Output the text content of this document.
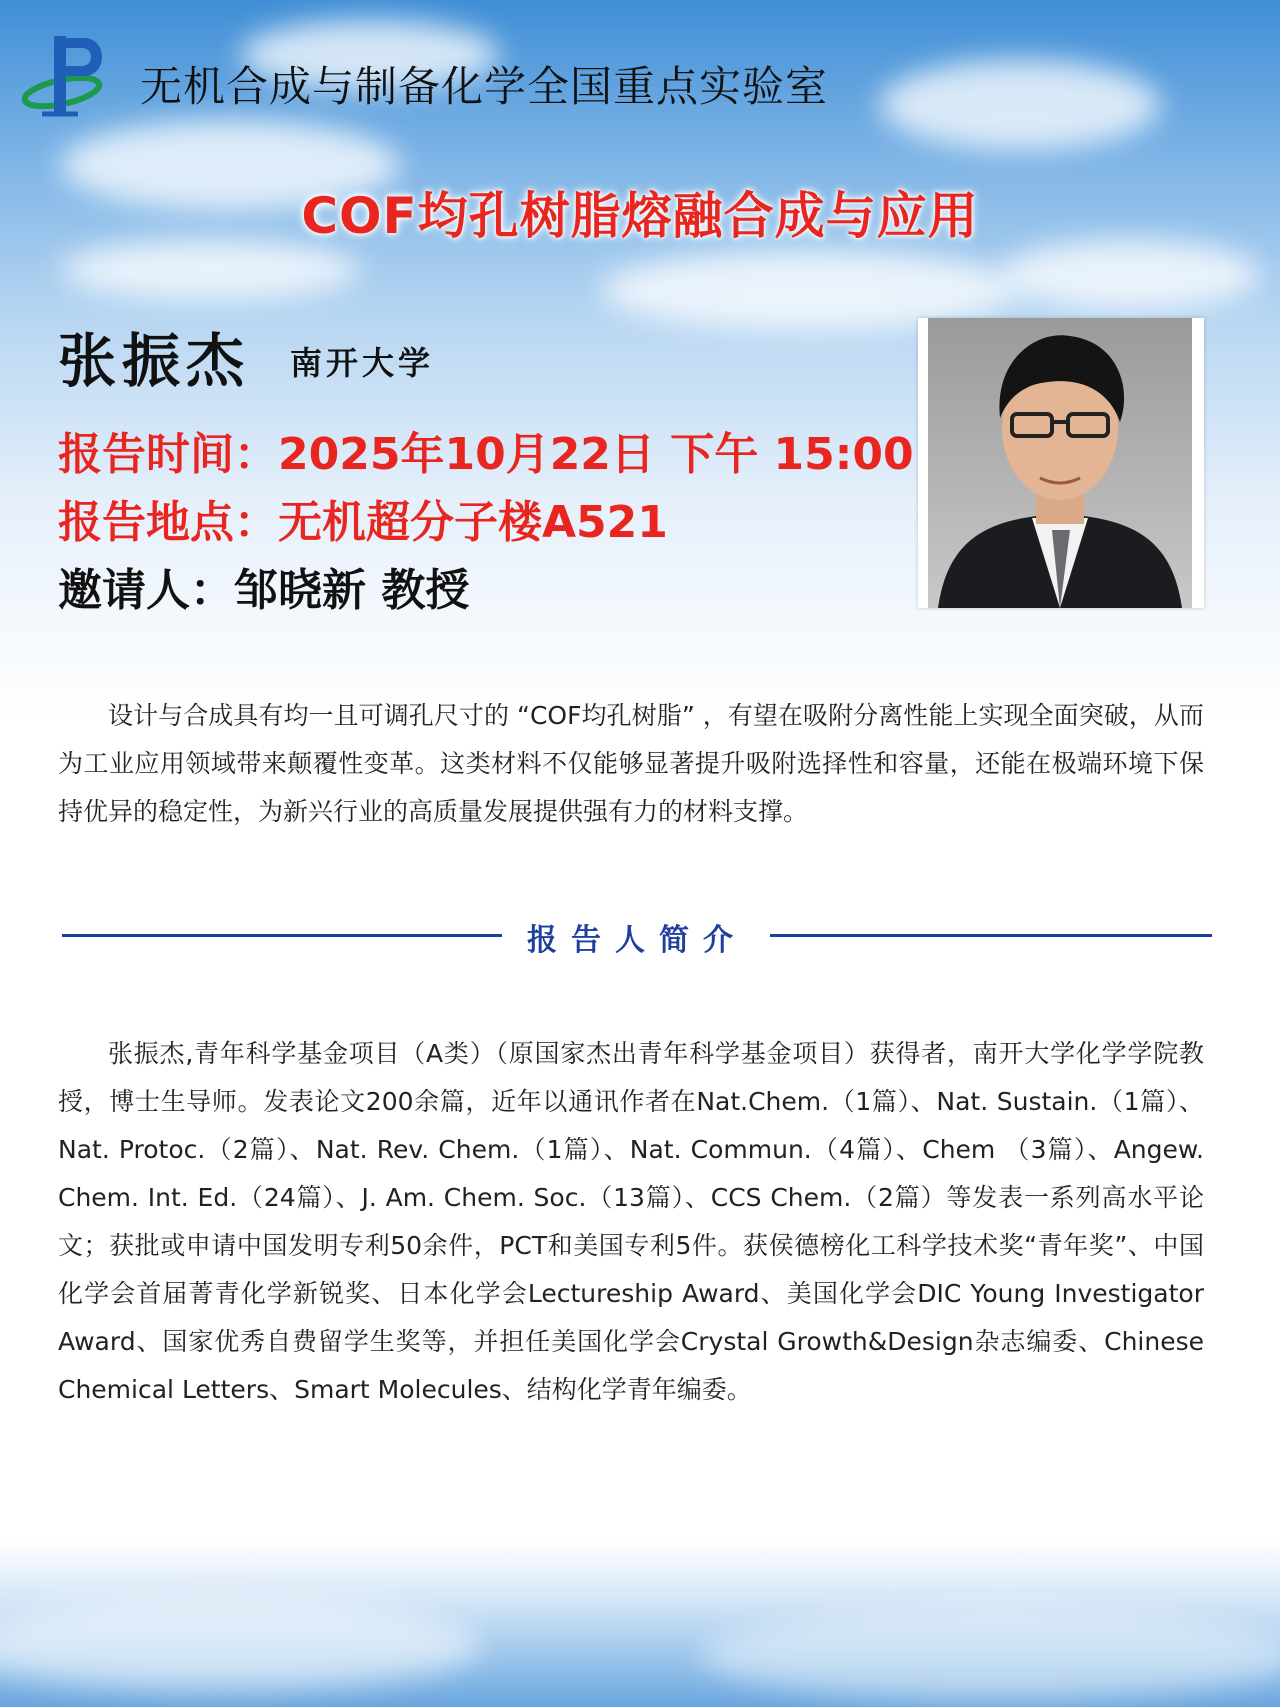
无机合成与制备化学全国重点实验室
COF均孔树脂熔融合成与应用
张振杰 南开大学
报告时间：2025年10月22日 下午 15:00
报告地点：无机超分子楼A521
邀请人：邹晓新 教授
设计与合成具有均一且可调孔尺寸的 “COF均孔树脂” ，有望在吸附分离性能上实现全面突破，从而为工业应用领域带来颠覆性变革。这类材料不仅能够显著提升吸附选择性和容量，还能在极端环境下保持优异的稳定性，为新兴行业的高质量发展提供强有力的材料支撑。
报告人简介
张振杰,青年科学基金项目（A类）（原国家杰出青年科学基金项目）获得者，南开大学化学学院教授，博士生导师。发表论文200余篇，近年以通讯作者在Nat.Chem.（1篇）、Nat. Sustain.（1篇）、Nat. Protoc.（2篇）、Nat. Rev. Chem.（1篇）、Nat. Commun.（4篇）、Chem （3篇）、Angew. Chem. Int. Ed.（24篇）、J. Am. Chem. Soc.（13篇）、CCS Chem.（2篇）等发表一系列高水平论文；获批或申请中国发明专利50余件，PCT和美国专利5件。获侯德榜化工科学技术奖“青年奖”、中国化学会首届菁青化学新锐奖、日本化学会Lectureship Award、美国化学会DIC Young Investigator Award、国家优秀自费留学生奖等，并担任美国化学会Crystal Growth&Design杂志编委、Chinese Chemical Letters、Smart Molecules、结构化学青年编委。
